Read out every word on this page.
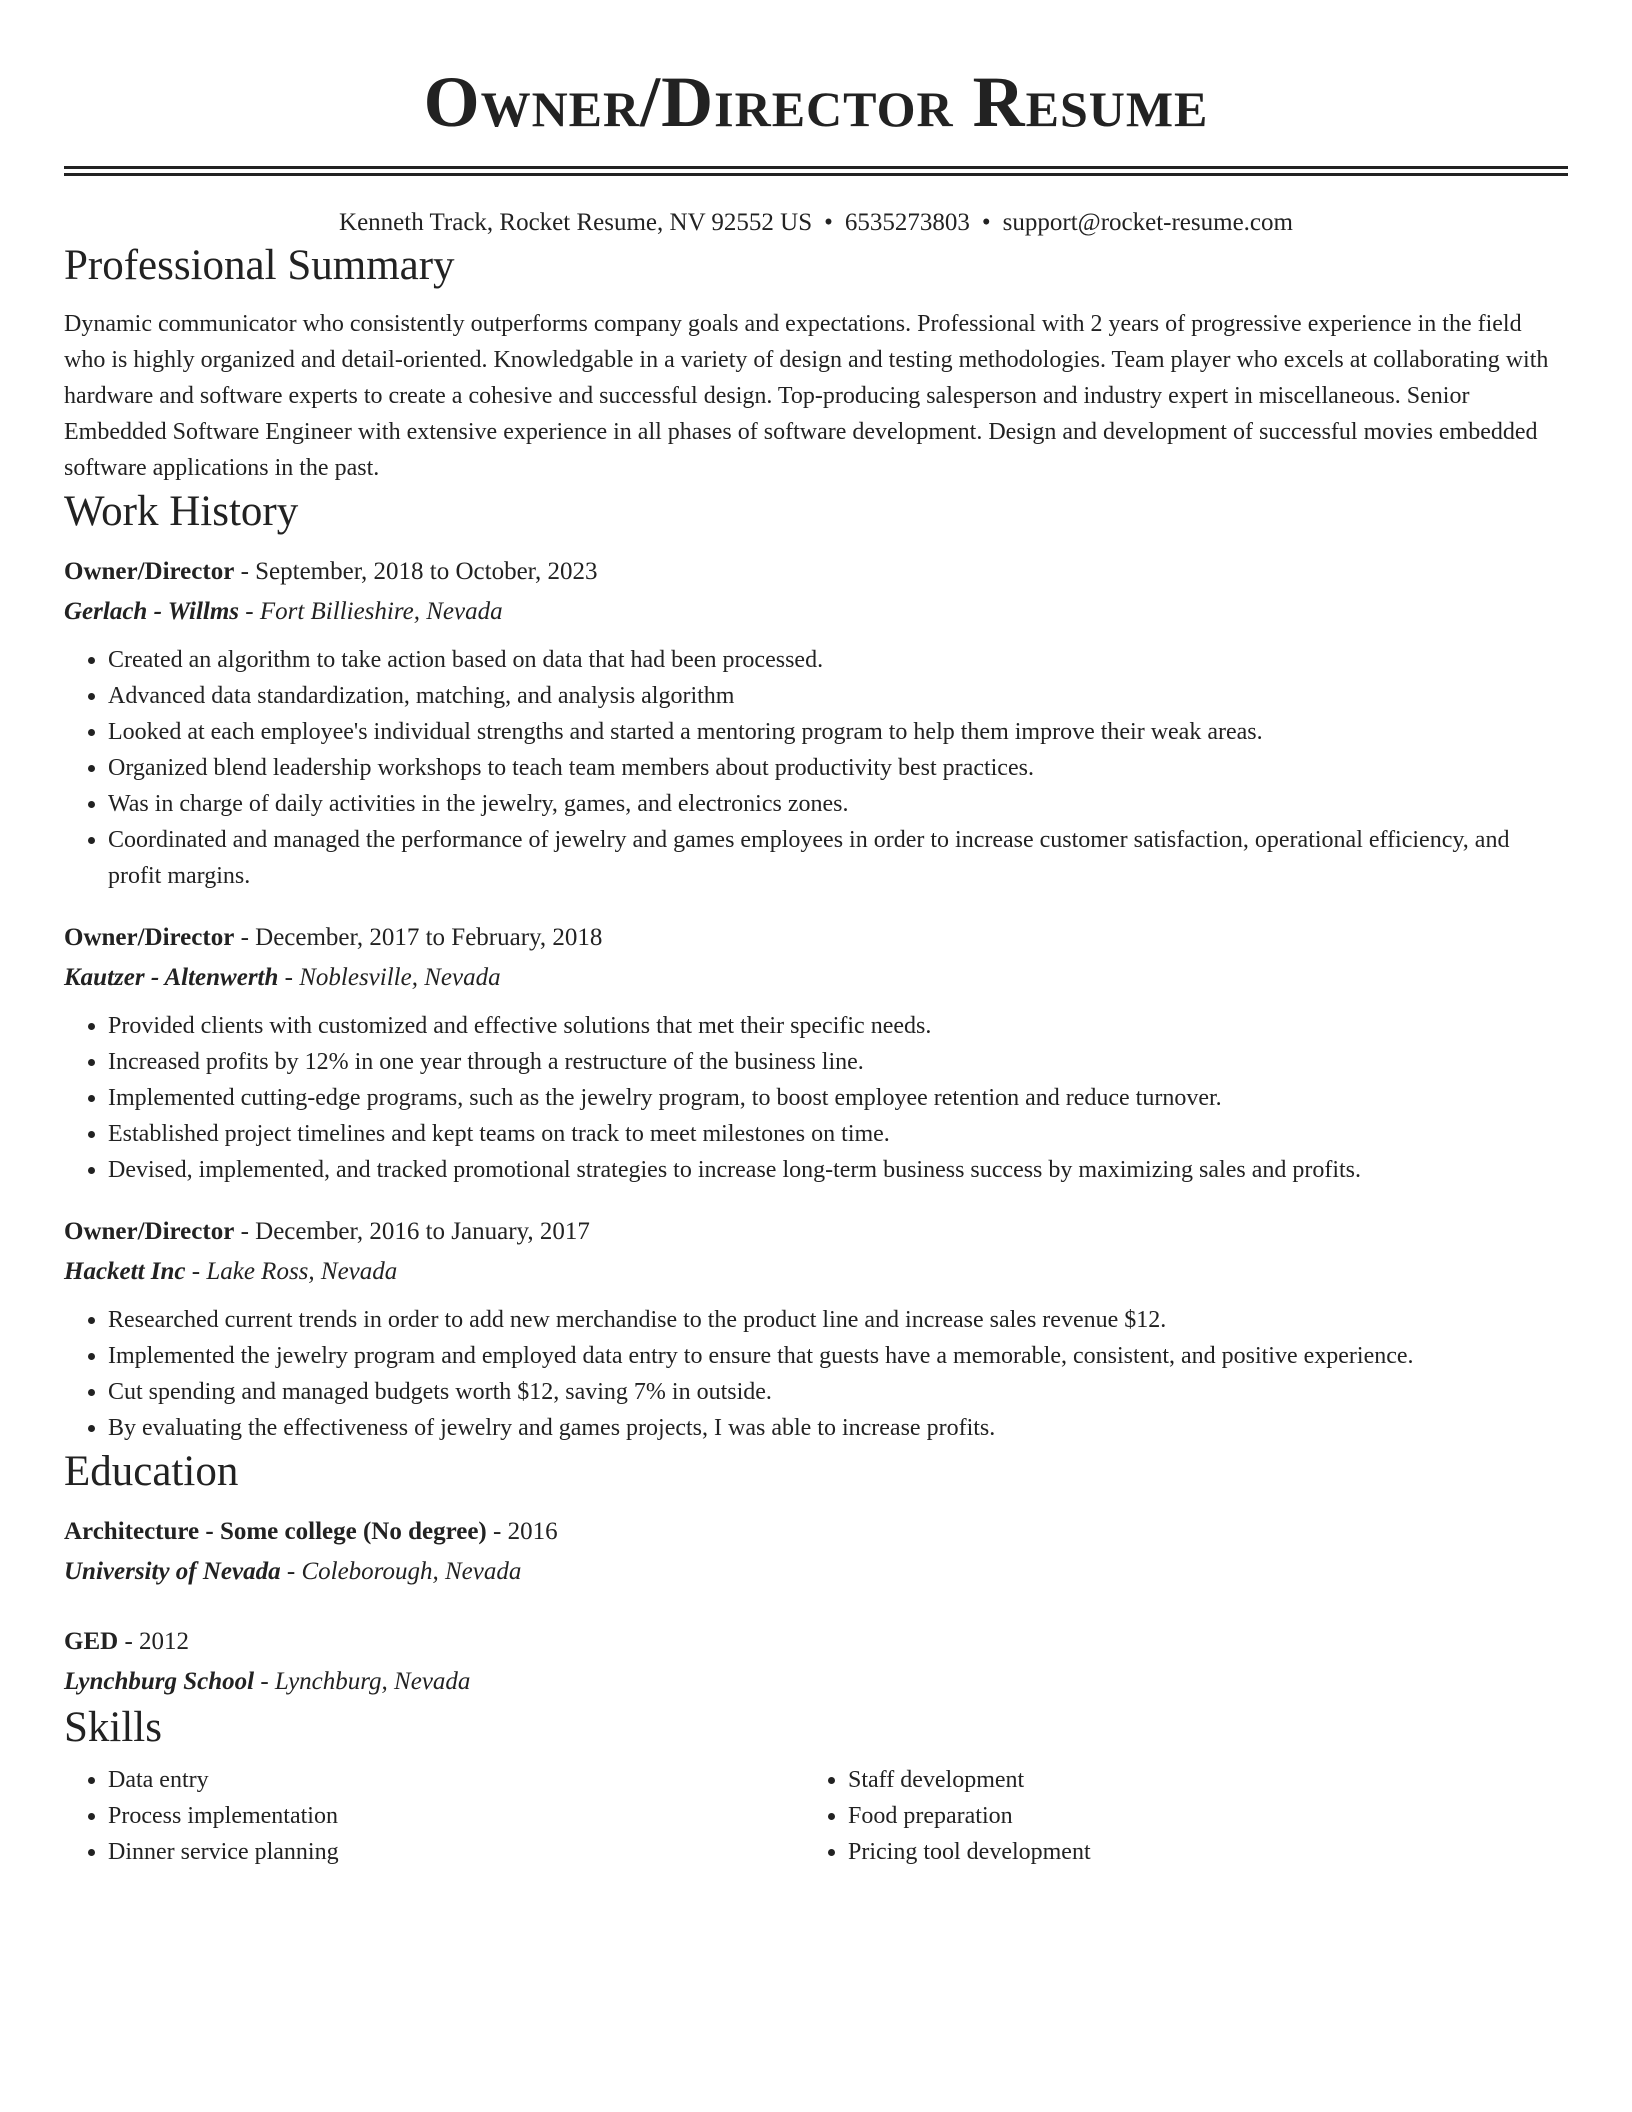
Owner/Director Resume
Kenneth Track, Rocket Resume, NV 92552 US • 6535273803 • support@rocket-resume.com
Professional Summary
Dynamic communicator who consistently outperforms company goals and expectations. Professional with 2 years of progressive experience in the field who is highly organized and detail-oriented. Knowledgable in a variety of design and testing methodologies. Team player who excels at collaborating with hardware and software experts to create a cohesive and successful design. Top-producing salesperson and industry expert in miscellaneous. Senior Embedded Software Engineer with extensive experience in all phases of software development. Design and development of successful movies embedded software applications in the past.
Work History
Owner/Director - September, 2018 to October, 2023
Gerlach - Willms - Fort Billieshire, Nevada
• Created an algorithm to take action based on data that had been processed.
• Advanced data standardization, matching, and analysis algorithm
• Looked at each employee's individual strengths and started a mentoring program to help them improve their weak areas.
• Organized blend leadership workshops to teach team members about productivity best practices.
• Was in charge of daily activities in the jewelry, games, and electronics zones.
• Coordinated and managed the performance of jewelry and games employees in order to increase customer satisfaction, operational efficiency, and profit margins.
Owner/Director - December, 2017 to February, 2018
Kautzer - Altenwerth - Noblesville, Nevada
• Provided clients with customized and effective solutions that met their specific needs.
• Increased profits by 12% in one year through a restructure of the business line.
• Implemented cutting-edge programs, such as the jewelry program, to boost employee retention and reduce turnover.
• Established project timelines and kept teams on track to meet milestones on time.
• Devised, implemented, and tracked promotional strategies to increase long-term business success by maximizing sales and profits.
Owner/Director - December, 2016 to January, 2017
Hackett Inc - Lake Ross, Nevada
• Researched current trends in order to add new merchandise to the product line and increase sales revenue $12.
• Implemented the jewelry program and employed data entry to ensure that guests have a memorable, consistent, and positive experience.
• Cut spending and managed budgets worth $12, saving 7% in outside.
• By evaluating the effectiveness of jewelry and games projects, I was able to increase profits.
Education
Architecture - Some college (No degree) - 2016
University of Nevada - Coleborough, Nevada
GED - 2012
Lynchburg School - Lynchburg, Nevada
Skills
• Data entry
• Process implementation
• Dinner service planning
• Staff development
• Food preparation
• Pricing tool development
